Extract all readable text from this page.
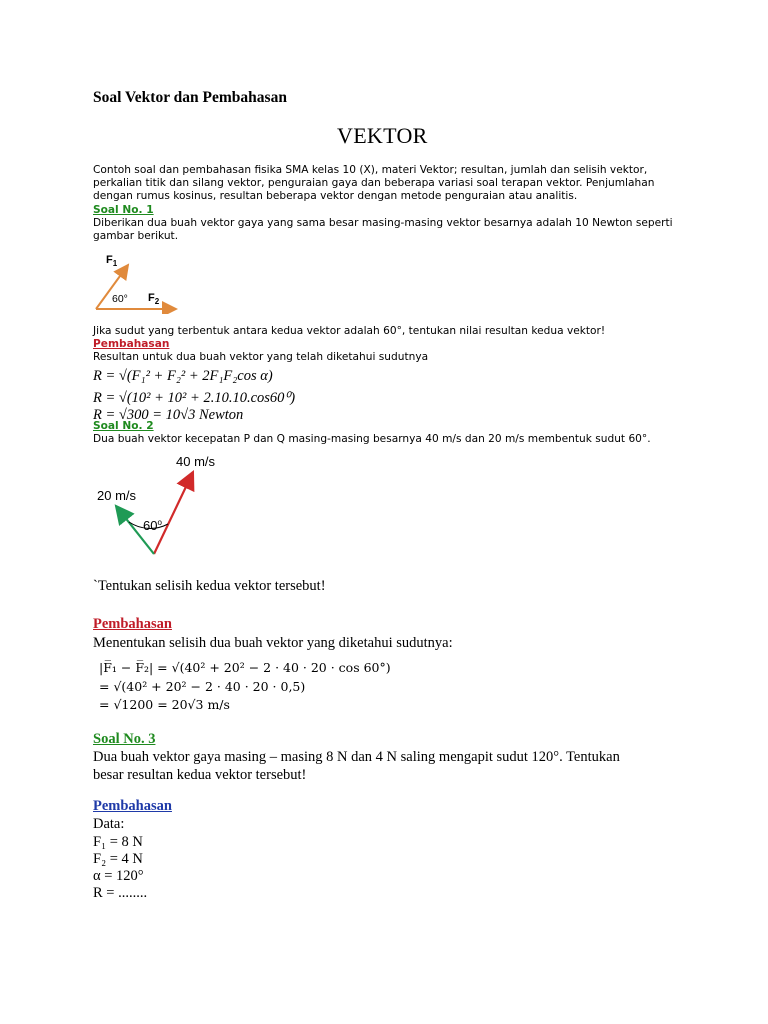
Soal Vektor dan Pembahasan
VEKTOR
Contoh soal dan pembahasan fisika SMA kelas 10 (X), materi Vektor; resultan, jumlah dan selisih vektor,
perkalian titik dan silang vektor, penguraian gaya dan beberapa variasi soal terapan vektor. Penjumlahan
dengan rumus kosinus, resultan beberapa vektor dengan metode penguraian atau analitis.
Soal No. 1
Diberikan dua buah vektor gaya yang sama besar masing-masing vektor besarnya adalah 10 Newton seperti
gambar berikut.
$F_1$
$F_2$
60°
Jika sudut yang terbentuk antara kedua vektor adalah 60°, tentukan nilai resultan kedua vektor!
Pembahasan
Resultan untuk dua buah vektor yang telah diketahui sudutnya
R = √(F₁² + F₂² + 2F₁F₂cos α)
R = √(10² + 10² + 2.10.10.cos60⁰)
R = √300 = 10√3 Newton
Soal No. 2
Dua buah vektor kecepatan P dan Q masing-masing besarnya 40 m/s dan 20 m/s membentuk sudut 60°.
40 m/s
20 m/s
60$^o$
`Tentukan selisih kedua vektor tersebut!
Pembahasan
Menentukan selisih dua buah vektor yang diketahui sudutnya:
|F̅₁ − F̅₂| = √(40² + 20² − 2 · 40 · 20 · cos 60°)
= √(40² + 20² − 2 · 40 · 20 · 0,5)
= √1200 = 20√3 m/s
Soal No. 3
Dua buah vektor gaya masing – masing 8 N dan 4 N saling mengapit sudut 120°. Tentukan
besar resultan kedua vektor tersebut!
Pembahasan
Data:
F₁ = 8 N
F₂ = 4 N
α = 120°
R = ........
